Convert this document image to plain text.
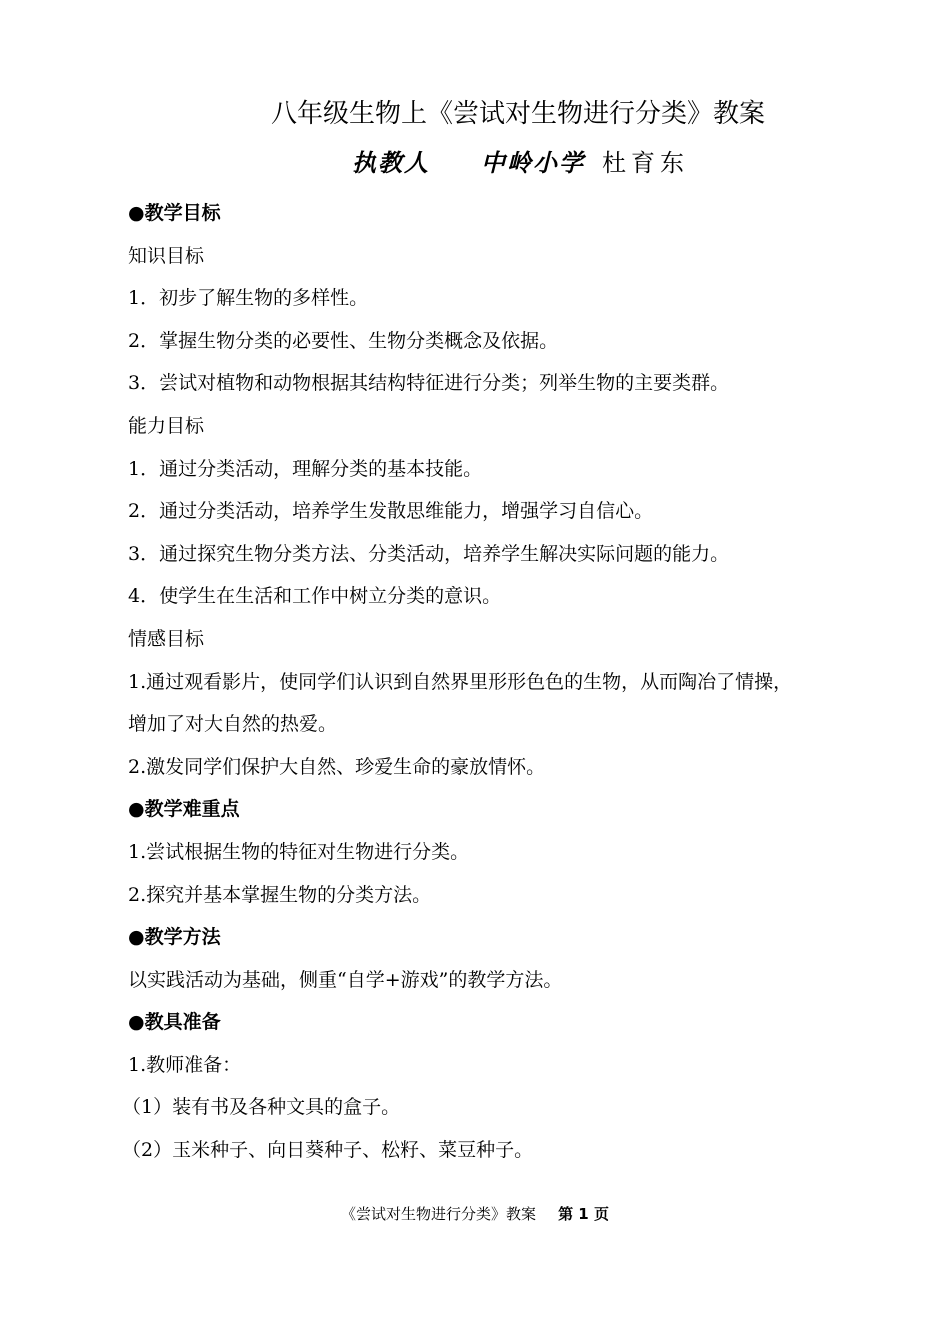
八年级生物上《尝试对生物进行分类》教案
执教人 中岭小学 杜育东
●教学目标
知识目标
1．初步了解生物的多样性。
2．掌握生物分类的必要性、生物分类概念及依据。
3．尝试对植物和动物根据其结构特征进行分类；列举生物的主要类群。
能力目标
1．通过分类活动，理解分类的基本技能。
2．通过分类活动，培养学生发散思维能力，增强学习自信心。
3．通过探究生物分类方法、分类活动，培养学生解决实际问题的能力。
4．使学生在生活和工作中树立分类的意识。
情感目标
1.通过观看影片，使同学们认识到自然界里形形色色的生物，从而陶冶了情操，
增加了对大自然的热爱。
2.激发同学们保护大自然、珍爱生命的豪放情怀。
●教学难重点
1.尝试根据生物的特征对生物进行分类。
2.探究并基本掌握生物的分类方法。
●教学方法
以实践活动为基础，侧重“自学+游戏”的教学方法。
●教具准备
1.教师准备：
（1）装有书及各种文具的盒子。
（2）玉米种子、向日葵种子、松籽、菜豆种子。
《尝试对生物进行分类》教案 第 1 页
